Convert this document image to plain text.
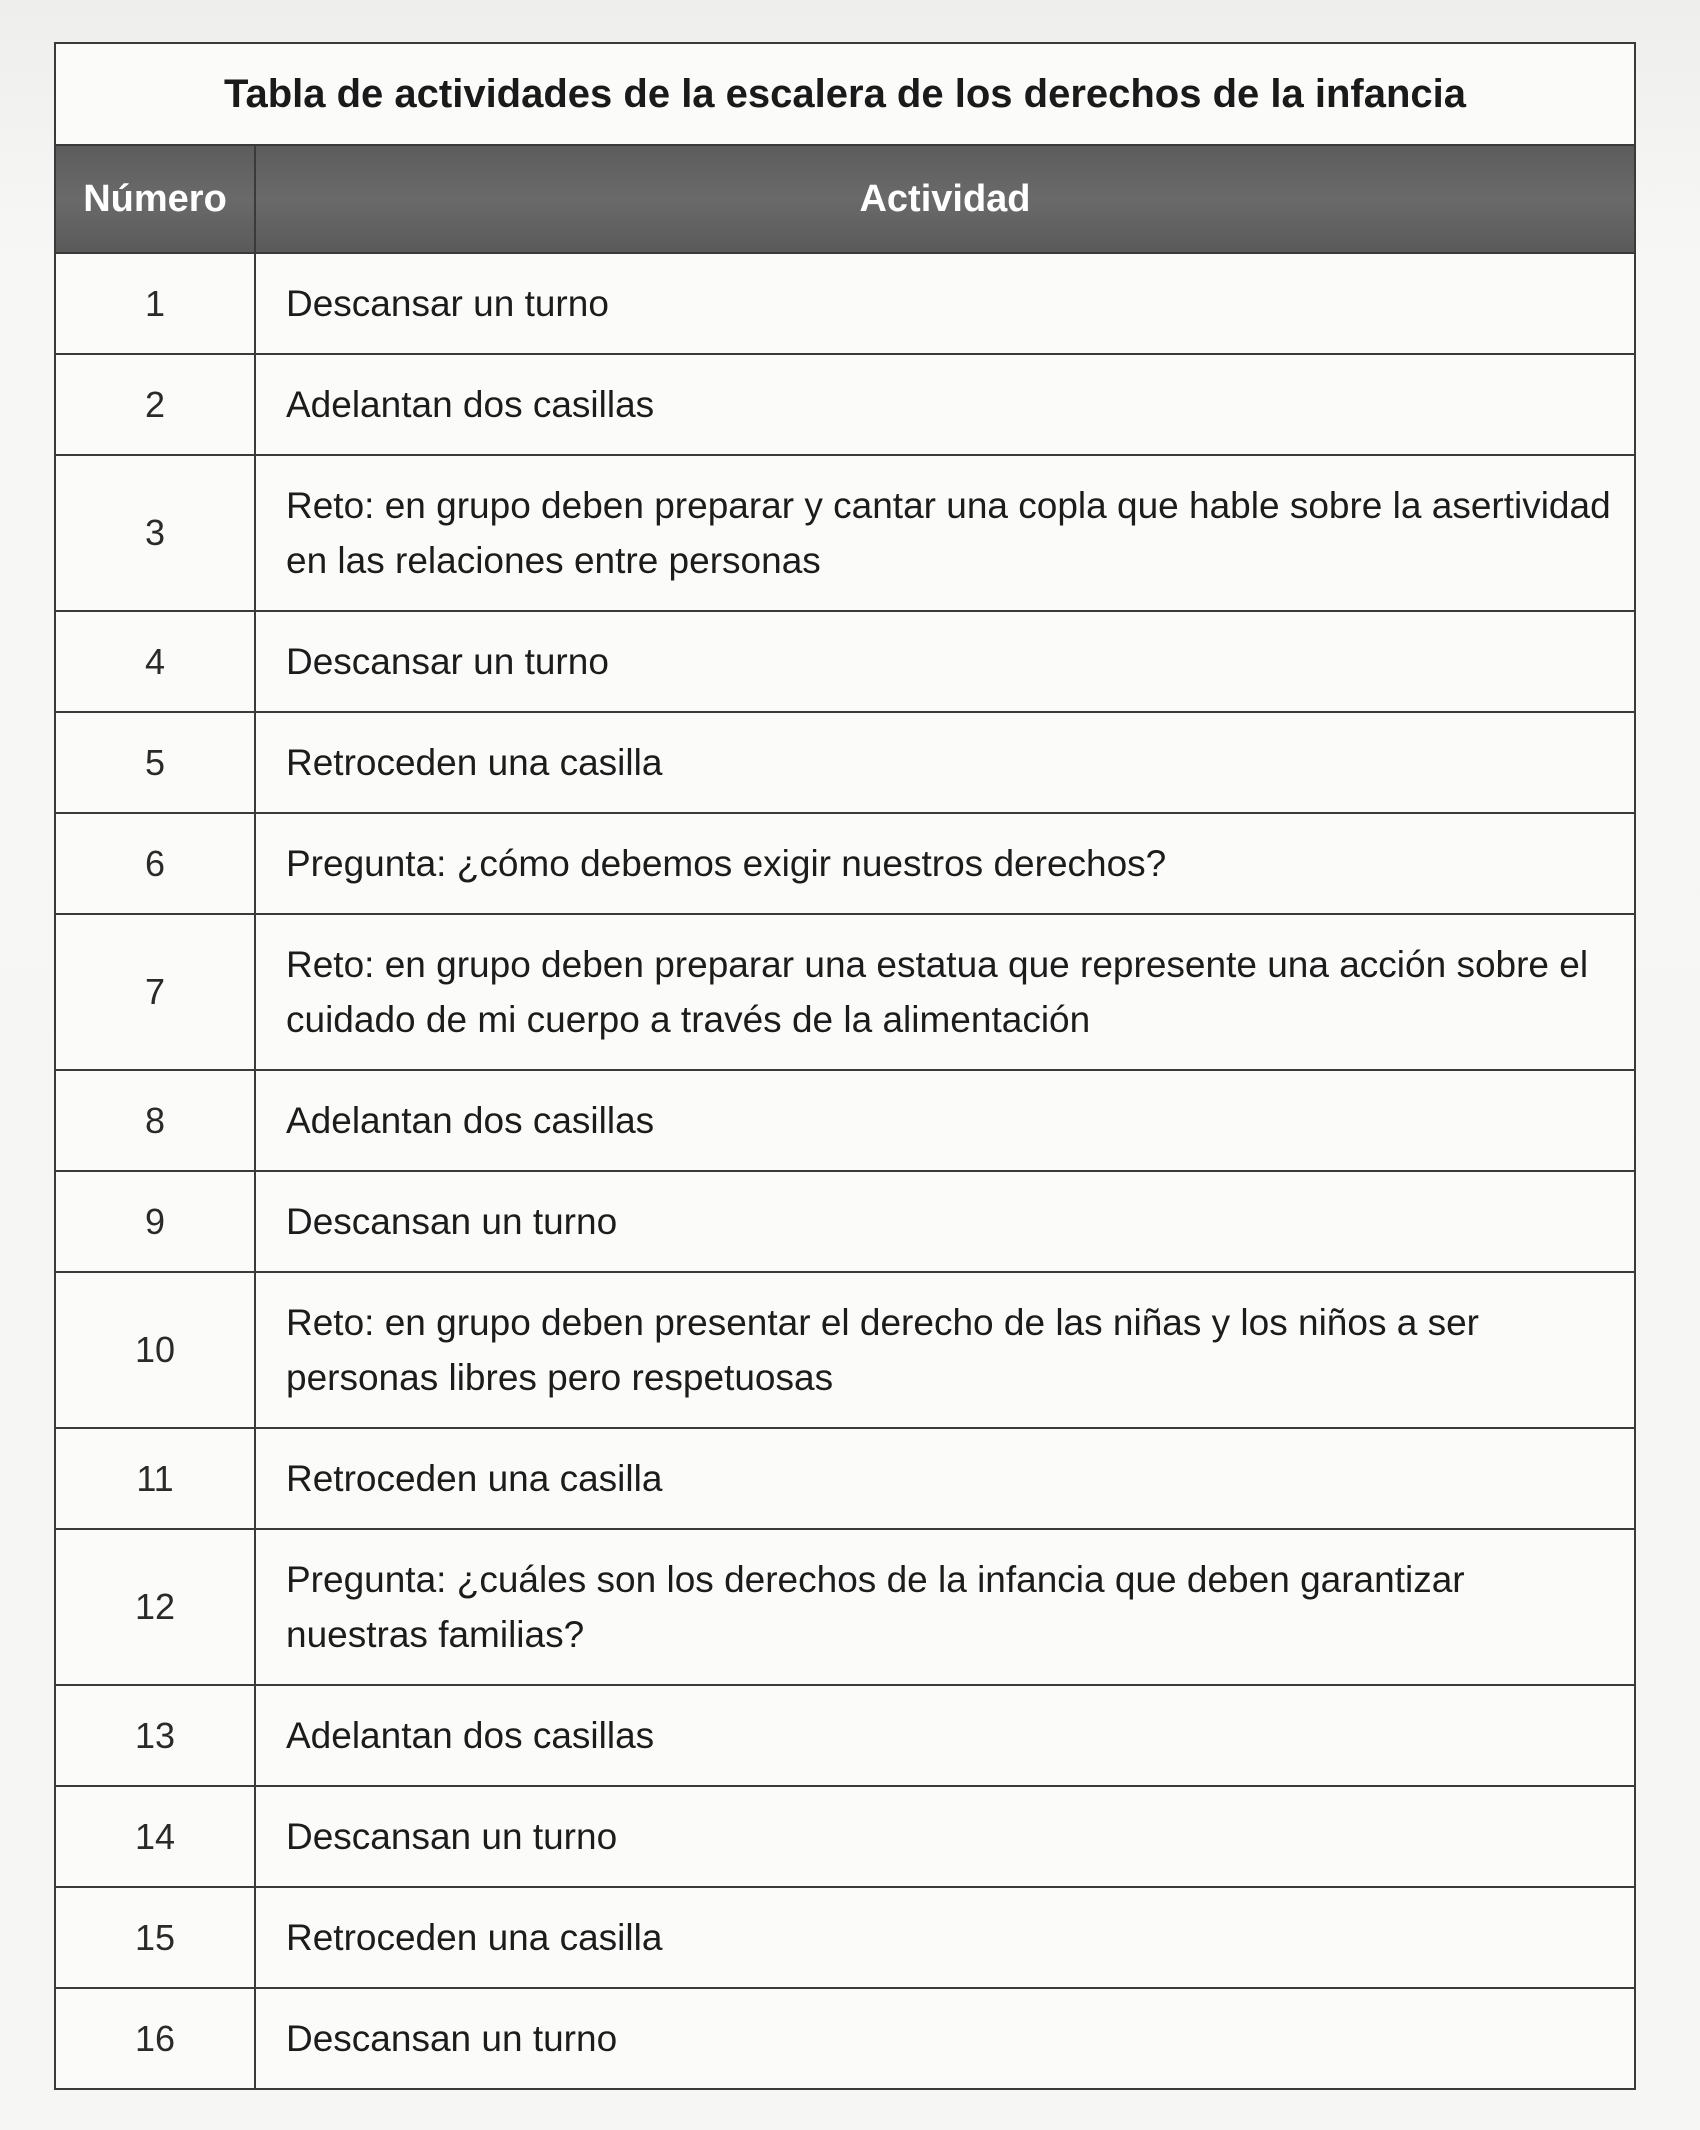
Tabla de actividades de la escalera de los derechos de la infancia	
Número	Actividad
1	Descansar un turno
2	Adelantan dos casillas
3	Reto: en grupo deben preparar y cantar una copla que hable sobre la asertividad en las relaciones entre personas
4	Descansar un turno
5	Retroceden una casilla
6	Pregunta: ¿cómo debemos exigir nuestros derechos?
7	Reto: en grupo deben preparar una estatua que represente una acción sobre el cuidado de mi cuerpo a través de la alimentación
8	Adelantan dos casillas
9	Descansan un turno
10	Reto: en grupo deben presentar el derecho de las niñas y los niños a ser personas libres pero respetuosas
11	Retroceden una casilla
12	Pregunta: ¿cuáles son los derechos de la infancia que deben garantizar nuestras familias?
13	Adelantan dos casillas
14	Descansan un turno
15	Retroceden una casilla
16	Descansan un turno
